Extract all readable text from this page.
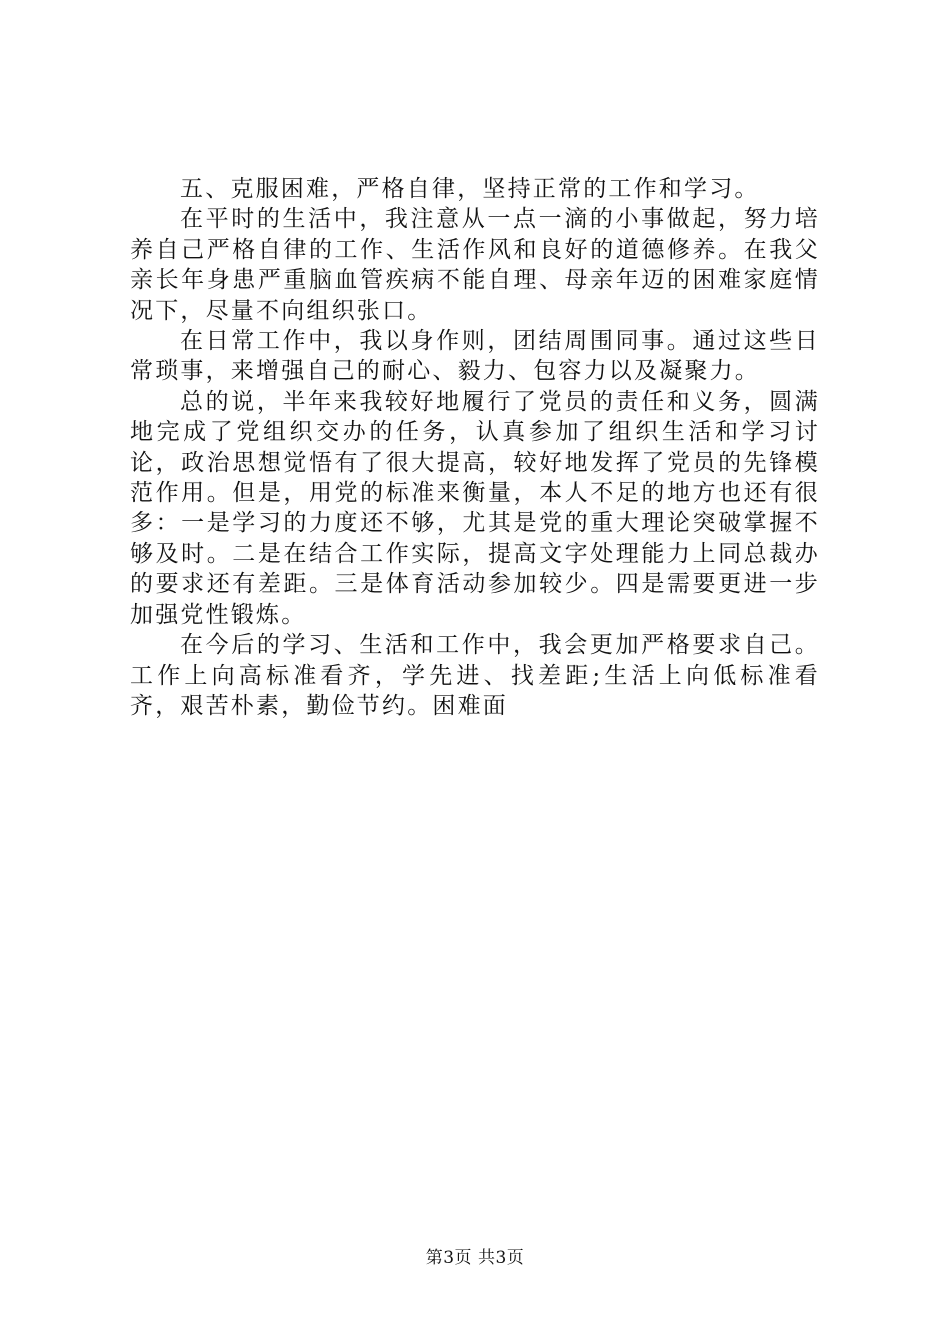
五、克服困难，严格自律，坚持正常的工作和学习。

在平时的生活中，我注意从一点一滴的小事做起，努力培养自己严格自律的工作、生活作风和良好的道德修养。在我父亲长年身患严重脑血管疾病不能自理、母亲年迈的困难家庭情况下，尽量不向组织张口。

在日常工作中，我以身作则，团结周围同事。通过这些日常琐事，来增强自己的耐心、毅力、包容力以及凝聚力。

总的说，半年来我较好地履行了党员的责任和义务，圆满地完成了党组织交办的任务，认真参加了组织生活和学习讨论，政治思想觉悟有了很大提高，较好地发挥了党员的先锋模范作用。但是，用党的标准来衡量，本人不足的地方也还有很多：一是学习的力度还不够，尤其是党的重大理论突破掌握不够及时。二是在结合工作实际，提高文字处理能力上同总裁办的要求还有差距。三是体育活动参加较少。四是需要更进一步加强党性锻炼。

在今后的学习、生活和工作中，我会更加严格要求自己。工作上向高标准看齐，学先进、找差距;生活上向低标准看齐，艰苦朴素，勤俭节约。困难面

第3页 共3页
